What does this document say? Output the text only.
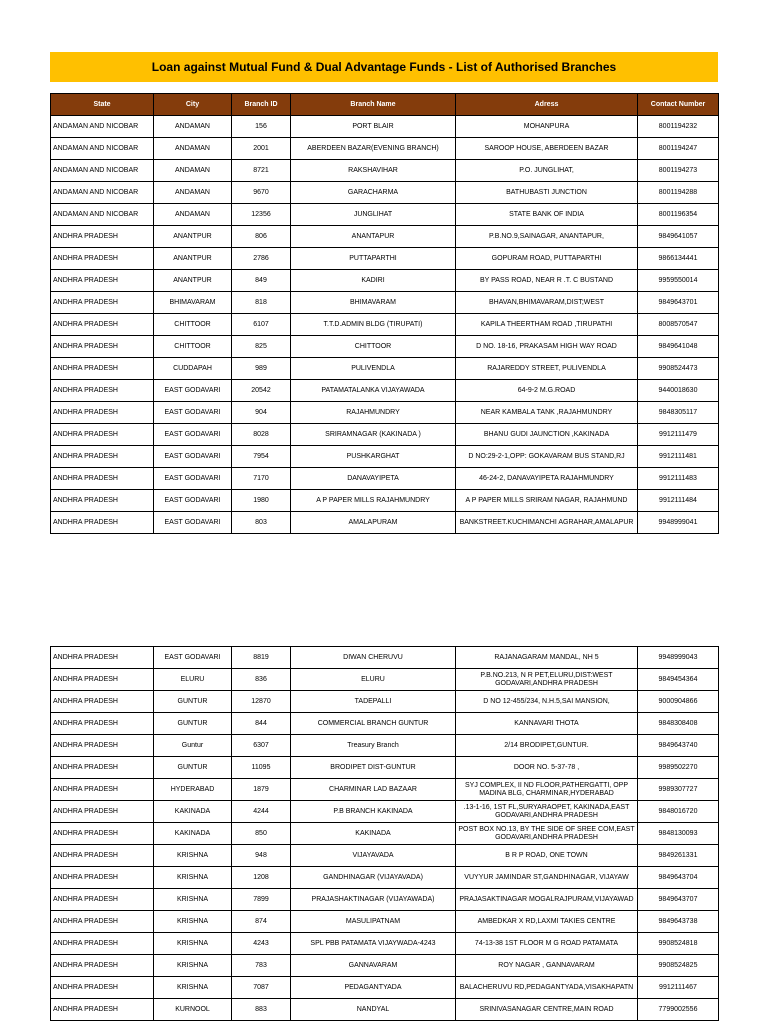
Loan against Mutual Fund & Dual Advantage Funds - List of Authorised Branches
State	City	Branch ID	Branch Name	Adress	Contact Number
ANDAMAN AND NICOBAR	ANDAMAN	156	PORT BLAIR	MOHANPURA	8001194232
ANDAMAN AND NICOBAR	ANDAMAN	2001	ABERDEEN BAZAR(EVENING BRANCH)	SAROOP HOUSE, ABERDEEN BAZAR	8001194247
ANDAMAN AND NICOBAR	ANDAMAN	8721	RAKSHAVIHAR	P.O. JUNGLIHAT,	8001194273
ANDAMAN AND NICOBAR	ANDAMAN	9670	GARACHARMA	BATHUBASTI JUNCTION	8001194288
ANDAMAN AND NICOBAR	ANDAMAN	12356	JUNGLIHAT	STATE BANK OF INDIA	8001196354
ANDHRA PRADESH	ANANTPUR	806	ANANTAPUR	P.B.NO.9,SAINAGAR, ANANTAPUR,	9849641057
ANDHRA PRADESH	ANANTPUR	2786	PUTTAPARTHI	GOPURAM ROAD, PUTTAPARTHI	9866134441
ANDHRA PRADESH	ANANTPUR	849	KADIRI	BY PASS ROAD, NEAR R .T. C BUSTAND	9959550014
ANDHRA PRADESH	BHIMAVARAM	818	BHIMAVARAM	BHAVAN,BHIMAVARAM,DIST;WEST	9849643701
ANDHRA PRADESH	CHITTOOR	6107	T.T.D.ADMIN BLDG (TIRUPATI)	KAPILA THEERTHAM ROAD ,TIRUPATHI	8008570547
ANDHRA PRADESH	CHITTOOR	825	CHITTOOR	D NO. 18-16, PRAKASAM HIGH WAY ROAD	9849641048
ANDHRA PRADESH	CUDDAPAH	989	PULIVENDLA	RAJAREDDY STREET, PULIVENDLA	9908524473
ANDHRA PRADESH	EAST GODAVARI	20542	PATAMATALANKA VIJAYAWADA	64-9-2 M.G.ROAD	9440018630
ANDHRA PRADESH	EAST GODAVARI	904	RAJAHMUNDRY	NEAR KAMBALA TANK ,RAJAHMUNDRY	9848305117
ANDHRA PRADESH	EAST GODAVARI	8028	SRIRAMNAGAR (KAKINADA )	BHANU GUDI JAUNCTION ,KAKINADA	9912111479
ANDHRA PRADESH	EAST GODAVARI	7954	PUSHKARGHAT	D NO:29-2-1,OPP: GOKAVARAM BUS STAND,RJ	9912111481
ANDHRA PRADESH	EAST GODAVARI	7170	DANAVAYIPETA	46-24-2, DANAVAYIPETA RAJAHMUNDRY	9912111483
ANDHRA PRADESH	EAST GODAVARI	1980	A P PAPER MILLS RAJAHMUNDRY	A P PAPER MILLS SRIRAM NAGAR, RAJAHMUND	9912111484
ANDHRA PRADESH	EAST GODAVARI	803	AMALAPURAM	BANKSTREET.KUCHIMANCHI AGRAHAR,AMALAPUR	9948999041
ANDHRA PRADESH	EAST GODAVARI	8819	DIWAN CHERUVU	RAJANAGARAM MANDAL, NH 5	9948999043
ANDHRA PRADESH	ELURU	836	ELURU	P.B.NO.213, N R PET,ELURU,DIST:WEST GODAVARI,ANDHRA PRADESH	9849454364
ANDHRA PRADESH	GUNTUR	12870	TADEPALLI	D NO 12-455/234, N.H.5,SAI MANSION,	9000904866
ANDHRA PRADESH	GUNTUR	844	COMMERCIAL BRANCH GUNTUR	KANNAVARI THOTA	9848308408
ANDHRA PRADESH	Guntur	6307	Treasury Branch	2/14 BRODIPET,GUNTUR.	9849643740
ANDHRA PRADESH	GUNTUR	11095	BRODIPET DIST-GUNTUR	DOOR NO. 5-37-78 ,	9989502270
ANDHRA PRADESH	HYDERABAD	1879	CHARMINAR LAD BAZAAR	SYJ COMPLEX, II ND FLOOR,PATHERGATTI, OPP MADINA BLG, CHARMINAR,HYDERABAD	9989307727
ANDHRA PRADESH	KAKINADA	4244	P.B BRANCH KAKINADA	.13-1-16, 1ST FL,SURYARAOPET, KAKINADA,EAST GODAVARI,ANDHRA PRADESH	9848016720
ANDHRA PRADESH	KAKINADA	850	KAKINADA	POST BOX NO.13, BY THE SIDE OF SREE COM,EAST GODAVARI,ANDHRA PRADESH	9848130093
ANDHRA PRADESH	KRISHNA	948	VIJAYAVADA	B R P ROAD, ONE TOWN	9849261331
ANDHRA PRADESH	KRISHNA	1208	GANDHINAGAR (VIJAYAVADA)	VUYYUR JAMINDAR ST,GANDHINAGAR, VIJAYAW	9849643704
ANDHRA PRADESH	KRISHNA	7899	PRAJASHAKTINAGAR (VIJAYAWADA)	PRAJASAKTINAGAR MOGALRAJPURAM,VIJAYAWAD	9849643707
ANDHRA PRADESH	KRISHNA	874	MASULIPATNAM	AMBEDKAR X RD,LAXMI TAKIES CENTRE	9849643738
ANDHRA PRADESH	KRISHNA	4243	SPL PBB PATAMATA VIJAYWADA-4243	74-13-38 1ST FLOOR M G ROAD PATAMATA	9908524818
ANDHRA PRADESH	KRISHNA	783	GANNAVARAM	ROY NAGAR , GANNAVARAM	9908524825
ANDHRA PRADESH	KRISHNA	7087	PEDAGANTYADA	BALACHERUVU RD,PEDAGANTYADA,VISAKHAPATN	9912111467
ANDHRA PRADESH	KURNOOL	883	NANDYAL	SRINIVASANAGAR CENTRE,MAIN ROAD	7799002556
